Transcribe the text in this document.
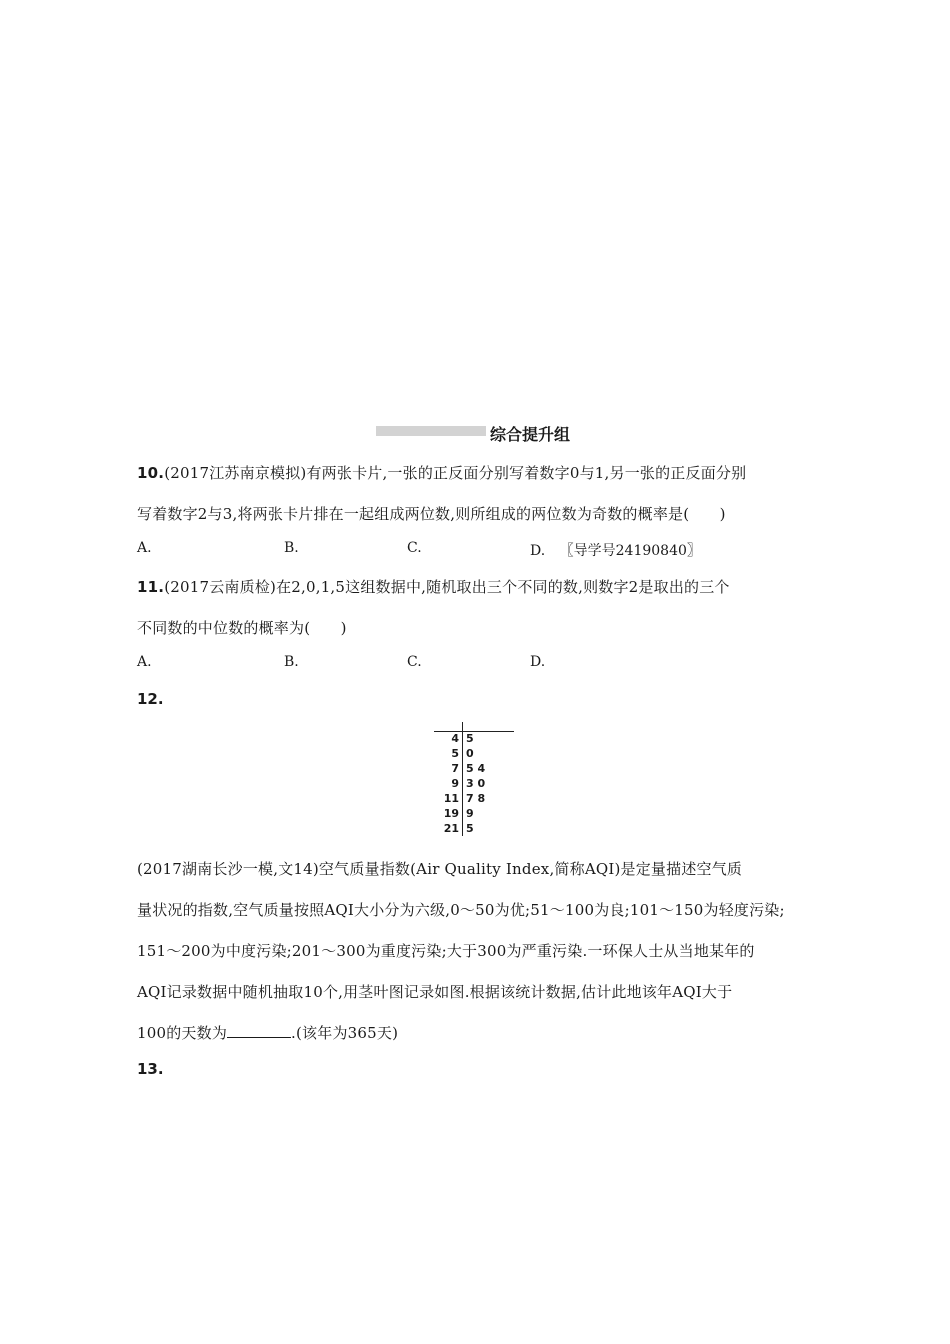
综合提升组
10.(2017江苏南京模拟)有两张卡片,一张的正反面分别写着数字0与1,另一张的正反面分别
写着数字2与3,将两张卡片排在一起组成两位数,则所组成的两位数为奇数的概率是(　　)
A.	B.	C.	D. 〖导学号24190840〗
11.(2017云南质检)在2,0,1,5这组数据中,随机取出三个不同的数,则数字2是取出的三个
不同数的中位数的概率为(　　)
A.	B.	C.	D.
12.
4 5
5 0
7 5 4
9 3 0
11 7 8
19 9
21 5
(2017湖南长沙一模,文14)空气质量指数(Air Quality Index,简称AQI)是定量描述空气质
量状况的指数,空气质量按照AQI大小分为六级,0～50为优;51～100为良;101～150为轻度污染;
151～200为中度污染;201～300为重度污染;大于300为严重污染.一环保人士从当地某年的
AQI记录数据中随机抽取10个,用茎叶图记录如图.根据该统计数据,估计此地该年AQI大于
100的天数为	.(该年为365天)
13.
